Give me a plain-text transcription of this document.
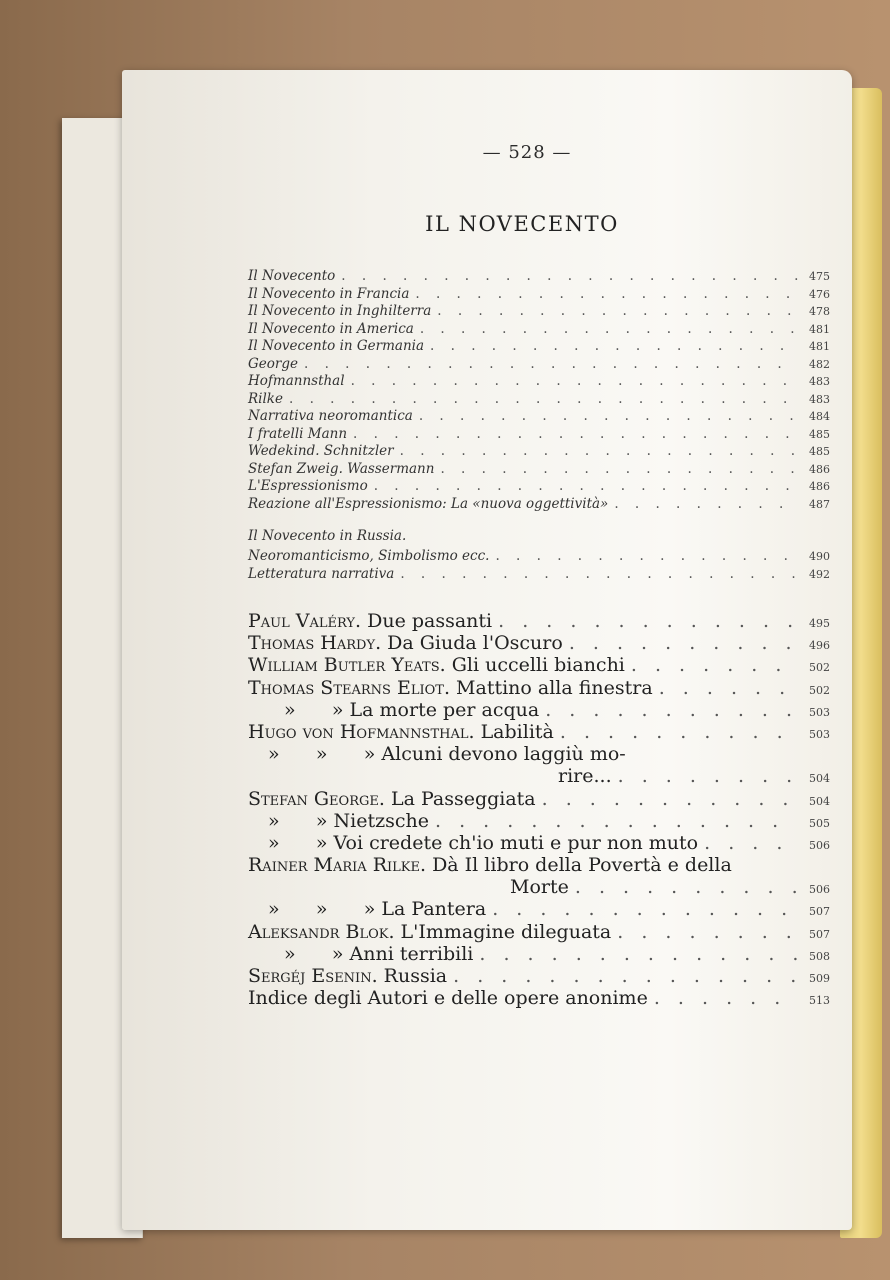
— 528 —
IL NOVECENTO
Il Novecento . . .	475
Il Novecento in Francia . . .	476
Il Novecento in Inghilterra . . .	478
Il Novecento in America . . .	481
Il Novecento in Germania . . .	481
George . . .	482
Hofmannsthal . . .	483
Rilke . . .	483
Narrativa neoromantica . . .	484
I fratelli Mann . . .	485
Wedekind. Schnitzler . . .	485
Stefan Zweig. Wassermann . . .	486
L'Espressionismo . . .	486
Reazione all'Espressionismo: La «nuova oggettività» . . .	487
Il Novecento in Russia.
Neoromanticismo, Simbolismo ecc. . . .	490
Letteratura narrativa . . .	492
Paul Valéry. Due passanti . . .	495
Thomas Hardy. Da Giuda l'Oscuro . . .	496
William Butler Yeats. Gli uccelli bianchi . . .	502
Thomas Stearns Eliot. Mattino alla finestra . . .	502
»      » La morte per acqua . . .	503
Hugo von Hofmannsthal. Labilità . . .	503
»      »      » Alcuni devono laggiù mo-
rire... . . .	504
Stefan George. La Passeggiata . . .	504
»      » Nietzsche . . .	505
»      » Voi credete ch'io muti e pur non muto . . .	506
Rainer Maria Rilke. Dà Il libro della Povertà e della
Morte . . .	506
»      »      » La Pantera . . .	507
Aleksandr Blok. L'Immagine dileguata . . .	507
»      » Anni terribili . . .	508
Sergéj Esenin. Russia . . .	509
Indice degli Autori e delle opere anonime . . .	513
